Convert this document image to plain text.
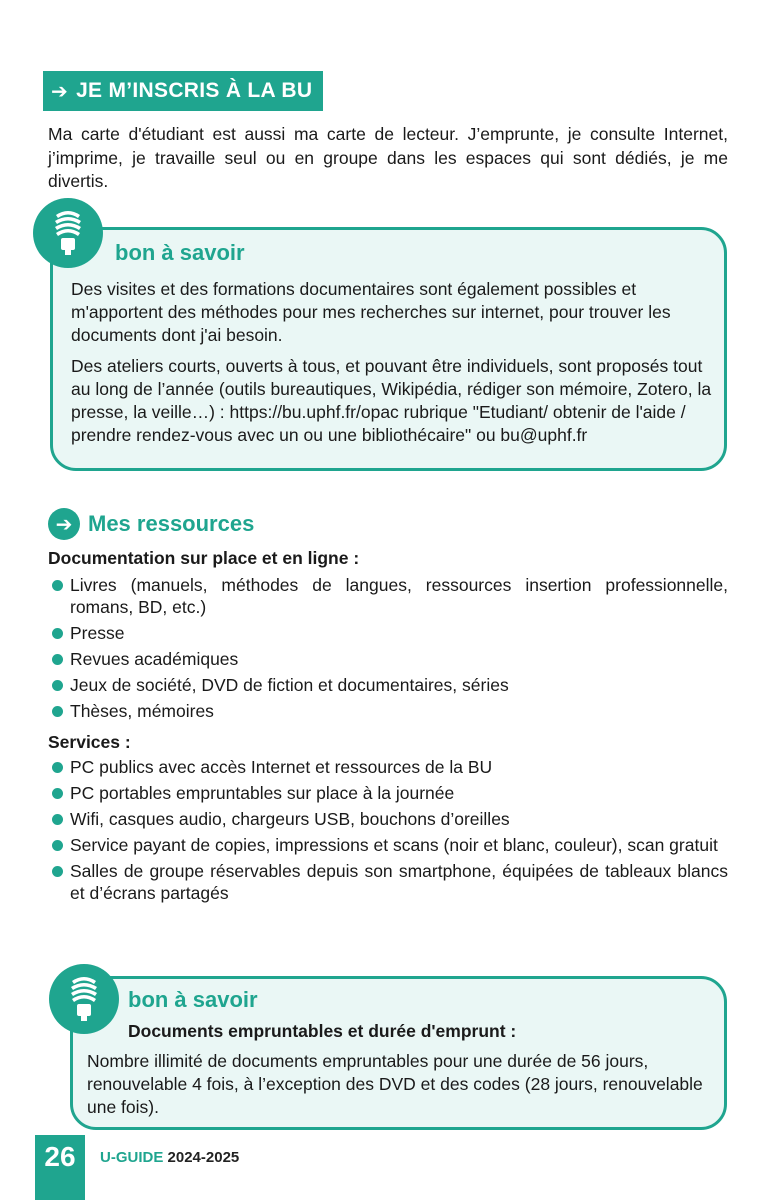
➔ JE M’INSCRIS À LA BU

Ma carte d'étudiant est aussi ma carte de lecteur. J’emprunte, je consulte Internet, j’imprime, je travaille seul ou en groupe dans les espaces qui sont dédiés, je me divertis.

bon à savoir

Des visites et des formations documentaires sont également possibles et m'apportent des méthodes pour mes recherches sur internet, pour trouver les documents dont j'ai besoin.

Des ateliers courts, ouverts à tous, et pouvant être individuels, sont proposés tout au long de l’année (outils bureautiques, Wikipédia, rédiger son mémoire, Zotero, la presse, la veille…) : https://bu.uphf.fr/opac rubrique "Etudiant/ obtenir de l'aide / prendre rendez-vous avec un ou une bibliothécaire" ou bu@uphf.fr

➔ Mes ressources
Documentation sur place et en ligne :
Livres (manuels, méthodes de langues, ressources insertion professionnelle, romans, BD, etc.)
Presse
Revues académiques
Jeux de société, DVD de fiction et documentaires, séries
Thèses, mémoires
Services :
PC publics avec accès Internet et ressources de la BU
PC portables empruntables sur place à la journée
Wifi, casques audio, chargeurs USB, bouchons d’oreilles
Service payant de copies, impressions et scans (noir et blanc, couleur), scan gratuit
Salles de groupe réservables depuis son smartphone, équipées de tableaux blancs et d’écrans partagés
bon à savoir
Documents empruntables et durée d'emprunt :
Nombre illimité de documents empruntables pour une durée de 56 jours, renouvelable 4 fois, à l’exception des DVD et des codes (28 jours, renouvelable une fois).
26	U-GUIDE 2024-2025
